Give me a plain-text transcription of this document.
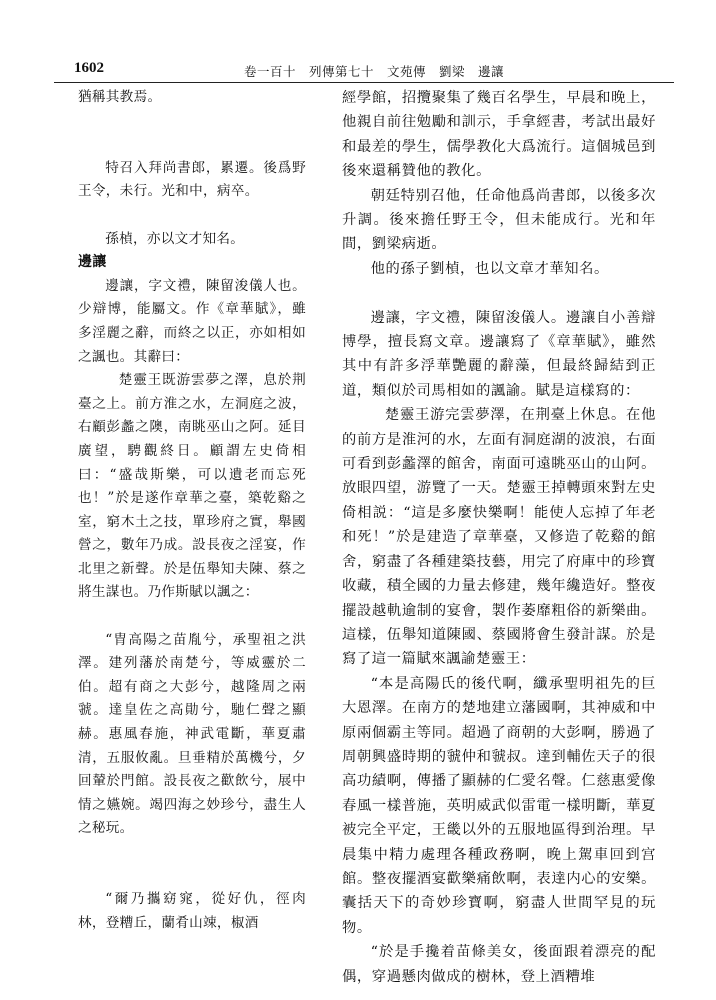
1602	卷一百十　列傳第七十　文苑傳　劉梁　邊讓

猶稱其教焉。

特召入拜尚書郎，累遷。後爲野王令，未行。光和中，病卒。

孫楨，亦以文才知名。

邊讓

邊讓，字文禮，陳留浚儀人也。少辯博，能屬文。作《章華賦》，雖多淫麗之辭，而終之以正，亦如相如之諷也。其辭曰：

楚靈王既游雲夢之澤，息於荆臺之上。前方淮之水，左洞庭之波，右顧彭蠡之隩，南眺巫山之阿。延目廣望，騁觀終日。顧謂左史倚相曰：“盛哉斯樂，可以遺老而忘死也！”於是遂作章華之臺，築乾谿之室，窮木土之技，單珍府之實，舉國營之，數年乃成。設長夜之淫宴，作北里之新聲。於是伍舉知夫陳、蔡之將生謀也。乃作斯賦以諷之：

“胄高陽之苗胤兮，承聖祖之洪澤。建列藩於南楚兮，等威靈於二伯。超有商之大彭兮，越隆周之兩虢。達皇佐之高勛兮，馳仁聲之顯赫。惠風春施，神武電斷，華夏肅清，五服攸亂。旦垂精於萬機兮，夕回輦於門館。設長夜之歡飲兮，展中情之嬿婉。竭四海之妙珍兮，盡生人之秘玩。

“爾乃攜窈窕，從好仇，徑肉林，登糟丘，蘭肴山竦，椒酒

經學館，招攬聚集了幾百名學生，早晨和晚上，他親自前往勉勵和訓示，手拿經書，考試出最好和最差的學生，儒學教化大爲流行。這個城邑到後來還稱贊他的教化。

朝廷特别召他，任命他爲尚書郎，以後多次升調。後來擔任野王令，但未能成行。光和年間，劉梁病逝。

他的孫子劉楨，也以文章才華知名。

邊讓，字文禮，陳留浚儀人。邊讓自小善辯博學，擅長寫文章。邊讓寫了《章華賦》，雖然其中有許多浮華艷麗的辭藻，但最終歸結到正道，類似於司馬相如的諷諭。賦是這樣寫的：

楚靈王游完雲夢澤，在荆臺上休息。在他的前方是淮河的水，左面有洞庭湖的波浪，右面可看到彭蠡澤的館舍，南面可遠眺巫山的山阿。放眼四望，游覽了一天。楚靈王掉轉頭來對左史倚相説：“這是多麼快樂啊！能使人忘掉了年老和死！”於是建造了章華臺，又修造了乾谿的館舍，窮盡了各種建築技藝，用完了府庫中的珍寶收藏，積全國的力量去修建，幾年纔造好。整夜擺設越軌逾制的宴會，製作萎靡粗俗的新樂曲。這樣，伍舉知道陳國、蔡國將會生發計謀。於是寫了這一篇賦來諷諭楚靈王：

“本是高陽氏的後代啊，纖承聖明祖先的巨大恩澤。在南方的楚地建立藩國啊，其神威和中原兩個霸主等同。超過了商朝的大彭啊，勝過了周朝興盛時期的虢仲和虢叔。達到輔佐天子的很高功績啊，傳播了顯赫的仁愛名聲。仁慈惠愛像春風一樣普施，英明威武似雷電一樣明斷，華夏被完全平定，王畿以外的五服地區得到治理。早晨集中精力處理各種政務啊，晚上駕車回到宫館。整夜擺酒宴歡樂痛飲啊，表達内心的安樂。囊括天下的奇妙珍寶啊，窮盡人世間罕見的玩物。

“於是手攙着苗條美女，後面跟着漂亮的配偶，穿過懸肉做成的樹林，登上酒糟堆
